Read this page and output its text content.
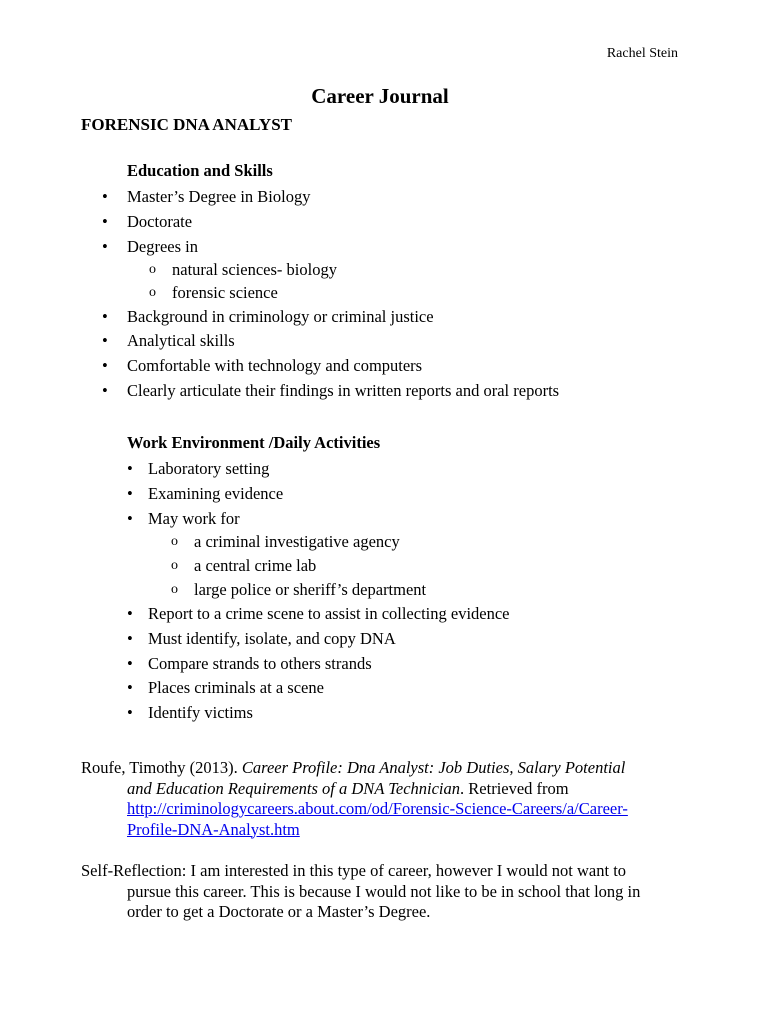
Rachel Stein
Career Journal
FORENSIC DNA ANALYST
Education and Skills
• Master’s Degree in Biology
• Doctorate
• Degrees in
o natural sciences- biology
o forensic science
• Background in criminology or criminal justice
• Analytical skills
• Comfortable with technology and computers
• Clearly articulate their findings in written reports and oral reports
Work Environment /Daily Activities
• Laboratory setting
• Examining evidence
• May work for
o a criminal investigative agency
o a central crime lab
o large police or sheriff’s department
• Report to a crime scene to assist in collecting evidence
• Must identify, isolate, and copy DNA
• Compare strands to others strands
• Places criminals at a scene
• Identify victims
Roufe, Timothy (2013). Career Profile: Dna Analyst: Job Duties, Salary Potential
and Education Requirements of a DNA Technician. Retrieved from
http://criminologycareers.about.com/od/Forensic-Science-Careers/a/Career-
Profile-DNA-Analyst.htm
Self-Reflection: I am interested in this type of career, however I would not want to
pursue this career. This is because I would not like to be in school that long in
order to get a Doctorate or a Master’s Degree.
